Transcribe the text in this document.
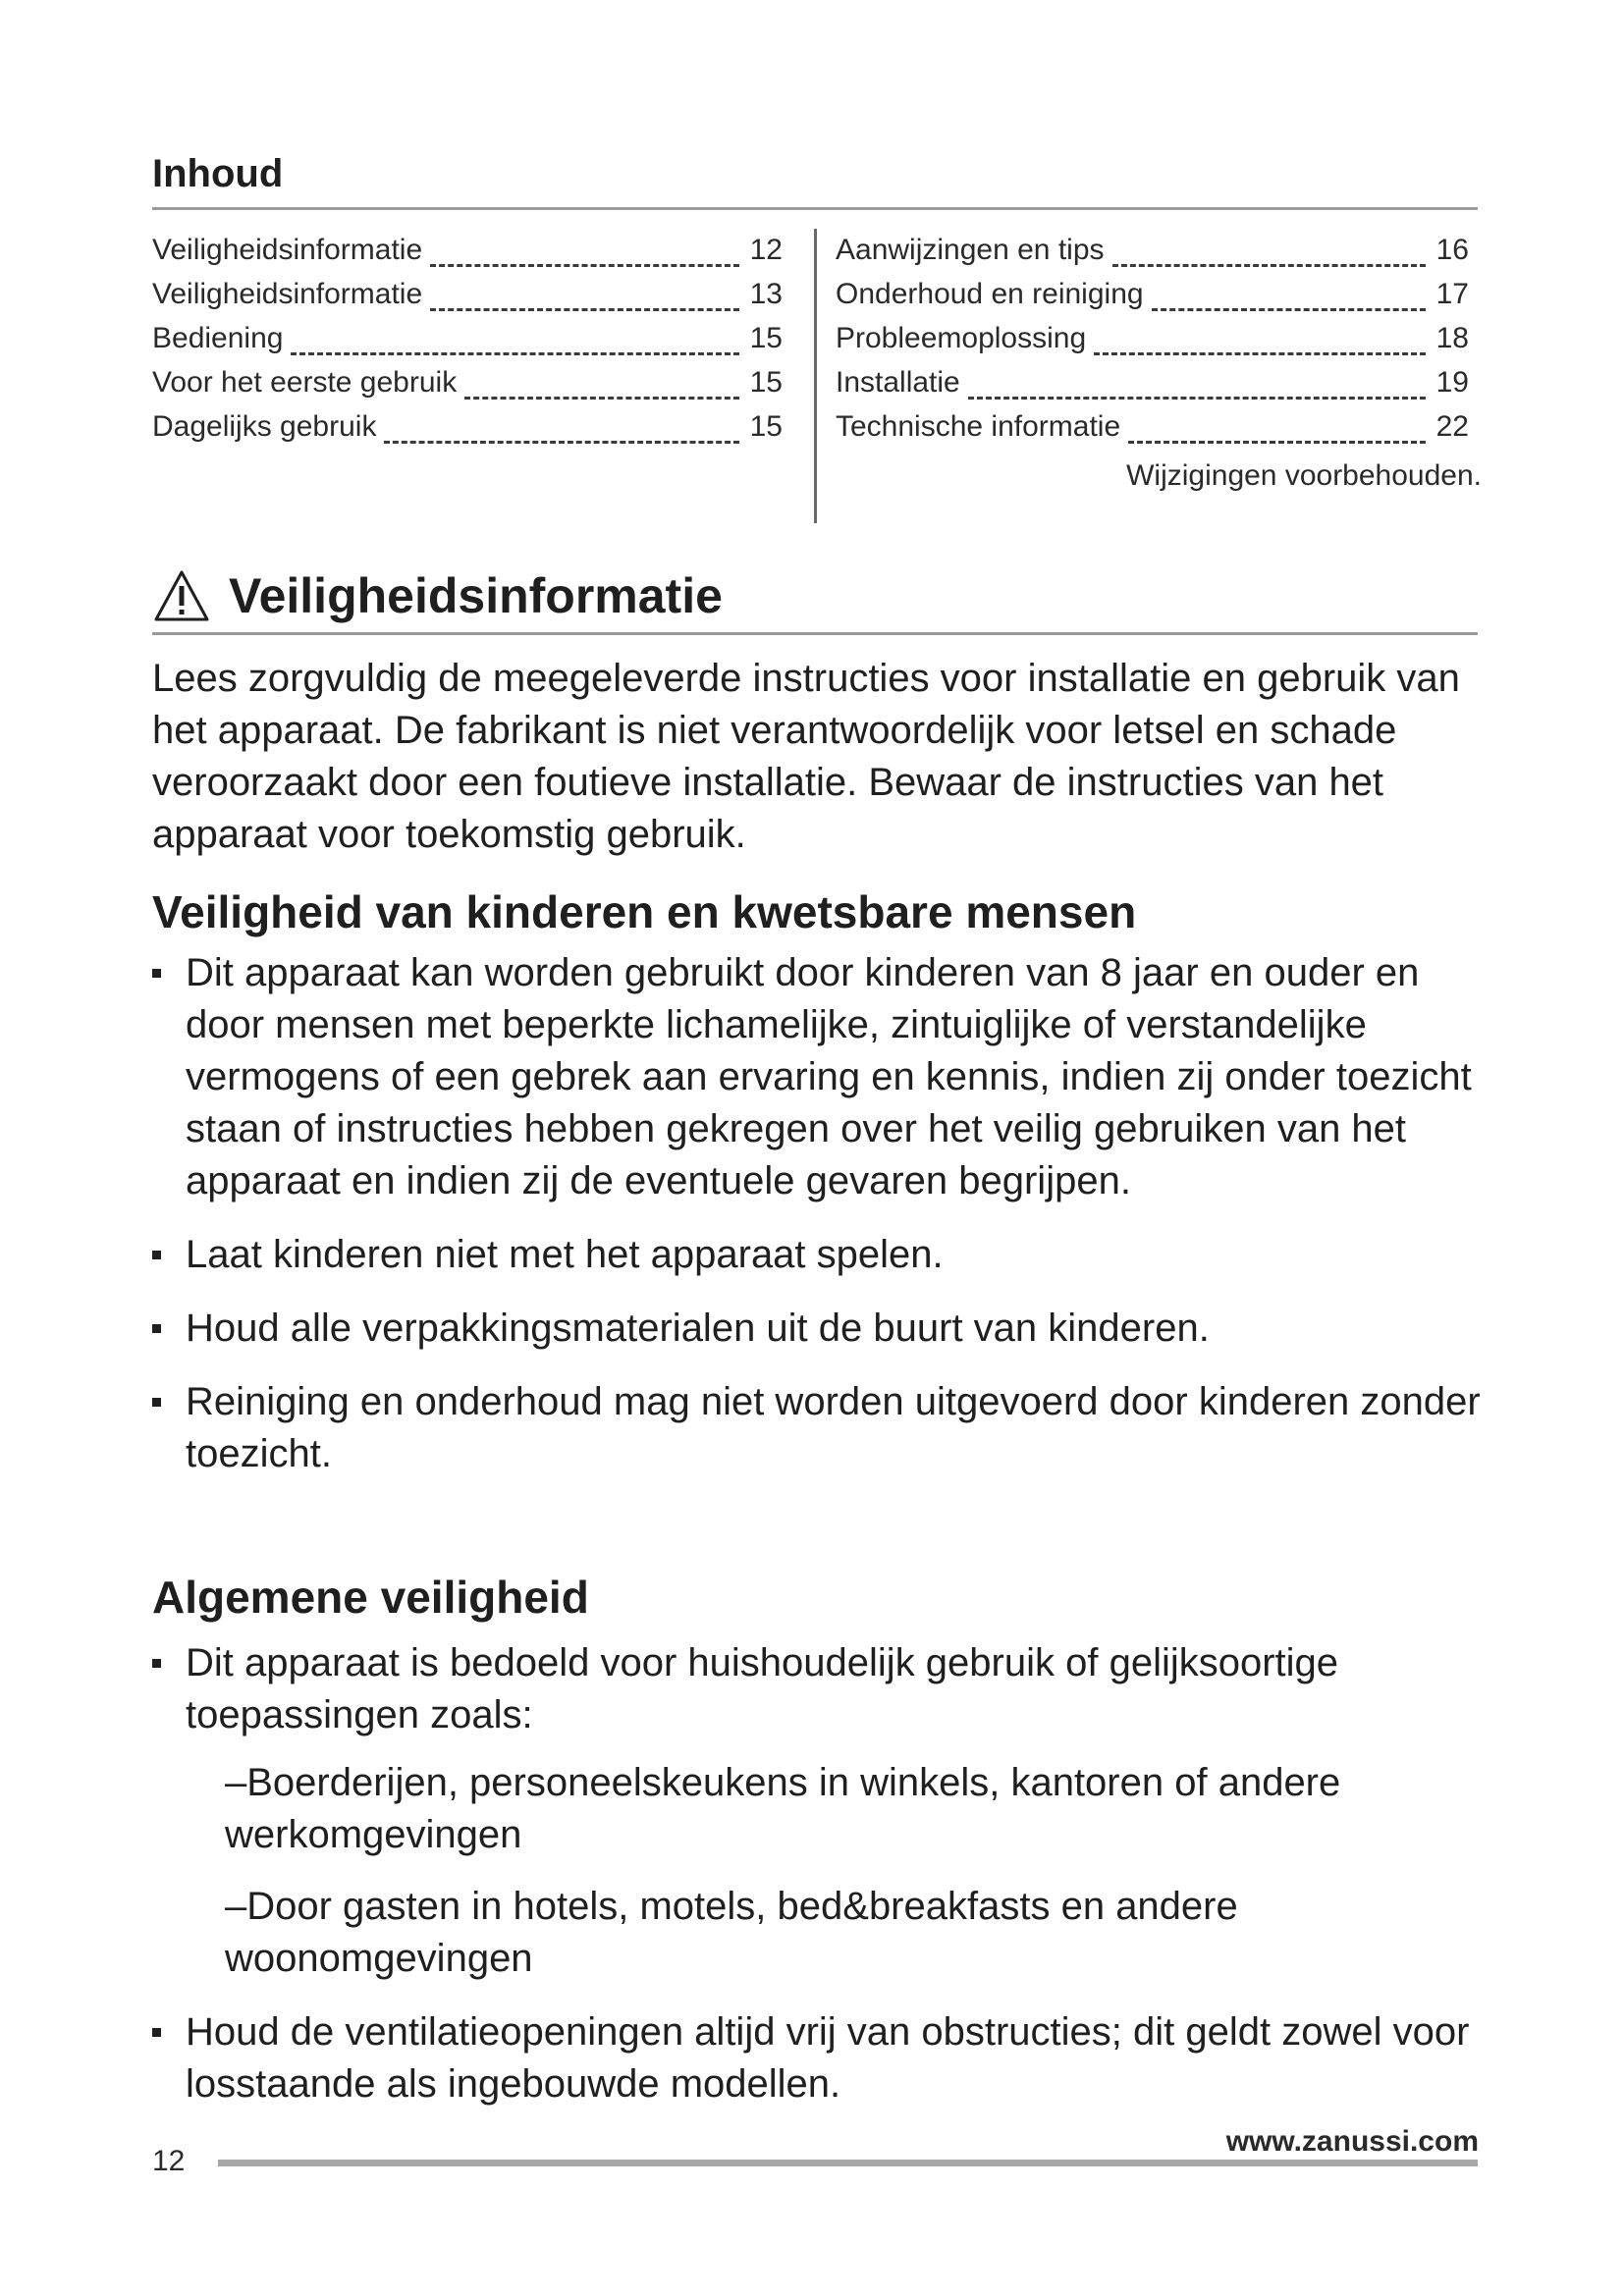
Inhoud
Veiligheidsinformatie	12
Veiligheidsinformatie	13
Bediening	15
Voor het eerste gebruik	15
Dagelijks gebruik	15
Aanwijzingen en tips	16
Onderhoud en reiniging	17
Probleemoplossing	18
Installatie	19
Technische informatie	22
Wijzigingen voorbehouden.
Veiligheidsinformatie
Lees zorgvuldig de meegeleverde instructies voor installatie en gebruik van het apparaat. De fabrikant is niet verantwoordelijk voor letsel en schade veroorzaakt door een foutieve installatie. Bewaar de instructies van het apparaat voor toekomstig gebruik.
Veiligheid van kinderen en kwetsbare mensen
Dit apparaat kan worden gebruikt door kinderen van 8 jaar en ouder en door mensen met beperkte lichamelijke, zintuiglijke of verstandelijke vermogens of een gebrek aan ervaring en kennis, indien zij onder toezicht staan of instructies hebben gekregen over het veilig gebruiken van het apparaat en indien zij de eventuele gevaren begrijpen.
Laat kinderen niet met het apparaat spelen.
Houd alle verpakkingsmaterialen uit de buurt van kinderen.
Reiniging en onderhoud mag niet worden uitgevoerd door kinderen zonder toezicht.
Algemene veiligheid
Dit apparaat is bedoeld voor huishoudelijk gebruik of gelijksoortige toepassingen zoals:
–Boerderijen, personeelskeukens in winkels, kantoren of andere werkomgevingen
–Door gasten in hotels, motels, bed&breakfasts en andere woonomgevingen
Houd de ventilatieopeningen altijd vrij van obstructies; dit geldt zowel voor losstaande als ingebouwde modellen.
12
www.zanussi.com
